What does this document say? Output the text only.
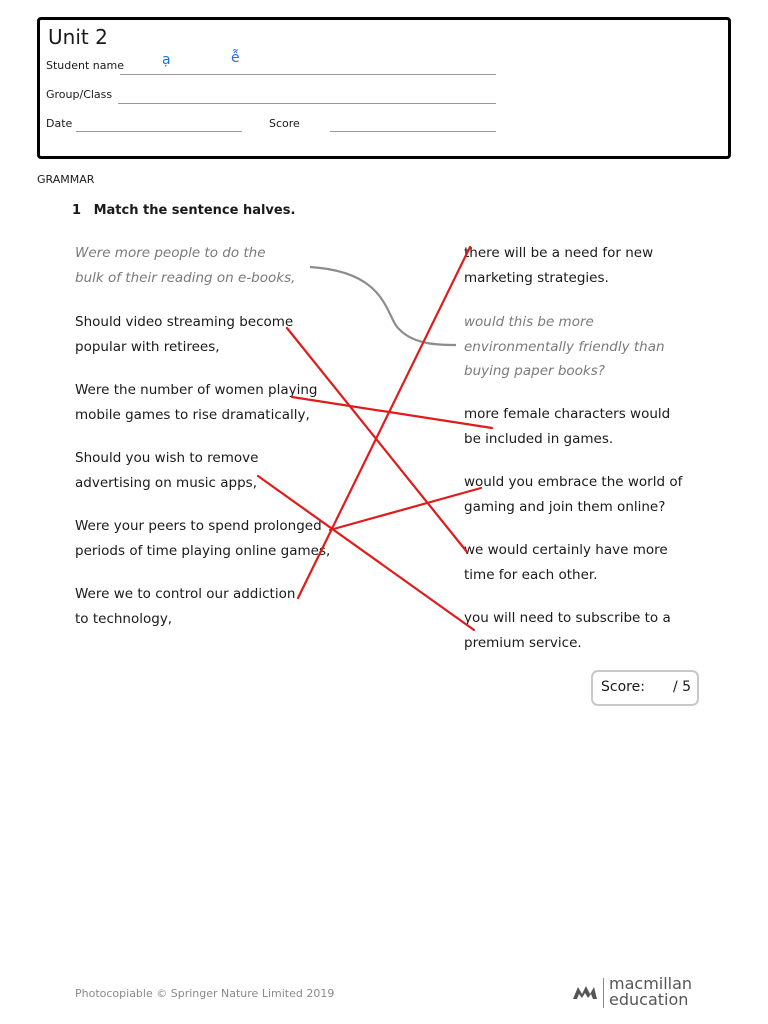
Unit 2
Student name	ạ	ễ
Group/Class
Date	Score
GRAMMAR
1 Match the sentence halves.
Were more people to do the
bulk of their reading on e-books,
Should video streaming become
popular with retirees,
Were the number of women playing
mobile games to rise dramatically,
Should you wish to remove
advertising on music apps,
Were your peers to spend prolonged
periods of time playing online games,
Were we to control our addiction
to technology,
there will be a need for new
marketing strategies.
would this be more
environmentally friendly than
buying paper books?
more female characters would
be included in games.
would you embrace the world of
gaming and join them online?
we would certainly have more
time for each other.
you will need to subscribe to a
premium service.
Score: / 5
Photocopiable © Springer Nature Limited 2019
macmillan
education
